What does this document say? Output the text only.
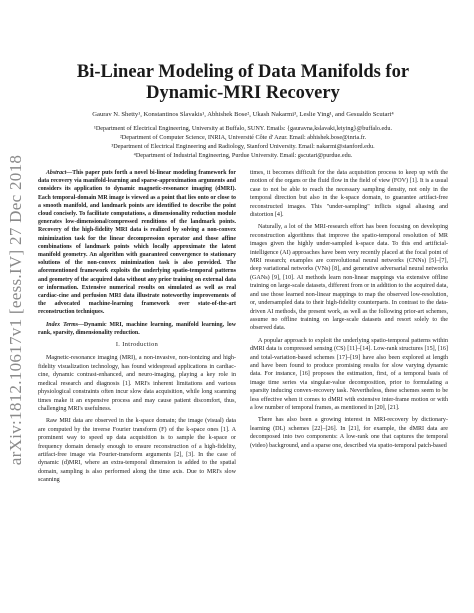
arXiv:1812.10617v1 [eess.IV] 27 Dec 2018
Bi-Linear Modeling of Data Manifolds for
Dynamic-MRI Recovery
Gaurav N. Shetty¹, Konstantinos Slavakis¹, Abhishek Bose², Ukash Nakarmi³, Leslie Ying¹, and Gesualdo Scutari⁴
¹Department of Electrical Engineering, University at Buffalo, SUNY. Emails: {gauravna,kslavaki,leiying}@buffalo.edu.
²Department of Computer Science, INRIA, Université Côte d' Azur. Email: abhishek.bose@inria.fr.
³Department of Electrical Engineering and Radiology, Stanford University. Email: nakarmi@stanford.edu.
⁴Department of Industrial Engineering, Purdue University. Email: gscutari@purdue.edu.

Abstract—This paper puts forth a novel bi-linear modeling framework for data recovery via manifold-learning and sparse-approximation arguments and considers its application to dynamic magnetic-resonance imaging (dMRI). Each temporal-domain MR image is viewed as a point that lies onto or close to a smooth manifold, and landmark points are identified to describe the point cloud concisely. To facilitate computations, a dimensionality reduction module generates low-dimensional/compressed renditions of the landmark points. Recovery of the high-fidelity MRI data is realized by solving a non-convex minimization task for the linear decompression operator and those affine combinations of landmark points which locally approximate the latent manifold geometry. An algorithm with guaranteed convergence to stationary solutions of the non-convex minimization task is also provided. The aforementioned framework exploits the underlying spatio-temporal patterns and geometry of the acquired data without any prior training on external data or information. Extensive numerical results on simulated as well as real cardiac-cine and perfusion MRI data illustrate noteworthy improvements of the advocated machine-learning framework over state-of-the-art reconstruction techniques.

Index Terms—Dynamic MRI, machine learning, manifold learning, low rank, sparsity, dimensionality reduction.

I. Introduction

Magnetic-resonance imaging (MRI), a non-invasive, non-ionizing and high-fidelity visualization technology, has found widespread applications in cardiac-cine, dynamic contrast-enhanced, and neuro-imaging, playing a key role in medical research and diagnosis [1]. MRI's inherent limitations and various physiological constraints often incur slow data acquisition, while long scanning times make it an expensive process and may cause patient discomfort, thus, challenging MRI's usefulness.

Raw MRI data are observed in the k-space domain; the image (visual) data are computed by the inverse Fourier transform (F) of the k-space ones [1]. A prominent way to speed up data acquisition is to sample the k-space or frequency domain densely enough to ensure reconstruction of a high-fidelity, artifact-free image via Fourier-transform arguments [2], [3]. In the case of dynamic (d)MRI, where an extra-temporal dimension is added to the spatial domain, sampling is also performed along the time axis. Due to MRI's slow scanning

times, it becomes difficult for the data acquisition process to keep up with the motion of the organs or the fluid flow in the field of view (FOV) [1]. It is a usual case to not be able to reach the necessary sampling density, not only in the temporal direction but also in the k-space domain, to guarantee artifact-free reconstructed images. This "under-sampling" inflicts signal aliasing and distortion [4].

Naturally, a lot of the MRI-research effort has been focusing on developing reconstruction algorithms that improve the spatio-temporal resolution of MR images given the highly under-sampled k-space data. To this end artificial-intelligence (AI) approaches have been very recently placed at the focal point of MRI research; examples are convolutional neural networks (CNNs) [5]–[7], deep variational networks (VNs) [8], and generative adversarial neural networks (GANs) [9], [10]. AI methods learn non-linear mappings via extensive offline training on large-scale datasets, different from or in addition to the acquired data, and use those learned non-linear mappings to map the observed low-resolution, or, undersampled data to their high-fidelity counterparts. In contrast to the data-driven AI methods, the present work, as well as the following prior-art schemes, assume no offline training on large-scale datasets and resort solely to the observed data.

A popular approach to exploit the underlying spatio-temporal patterns within dMRI data is compressed sensing (CS) [11]–[14]. Low-rank structures [15], [16] and total-variation-based schemes [17]–[19] have also been explored at length and have been found to produce promising results for slow varying dynamic data. For instance, [16] proposes the estimation, first, of a temporal basis of image time series via singular-value decomposition, prior to formulating a sparsity inducing convex-recovery task. Nevertheless, these schemes seem to be less effective when it comes to dMRI with extensive inter-frame motion or with a low number of temporal frames, as mentioned in [20], [21].

There has also been a growing interest in MRI-recovery by dictionary-learning (DL) schemes [22]–[26]. In [21], for example, the dMRI data are decomposed into two components: A low-rank one that captures the temporal (video) background, and a sparse one, described via spatio-temporal patch-based
